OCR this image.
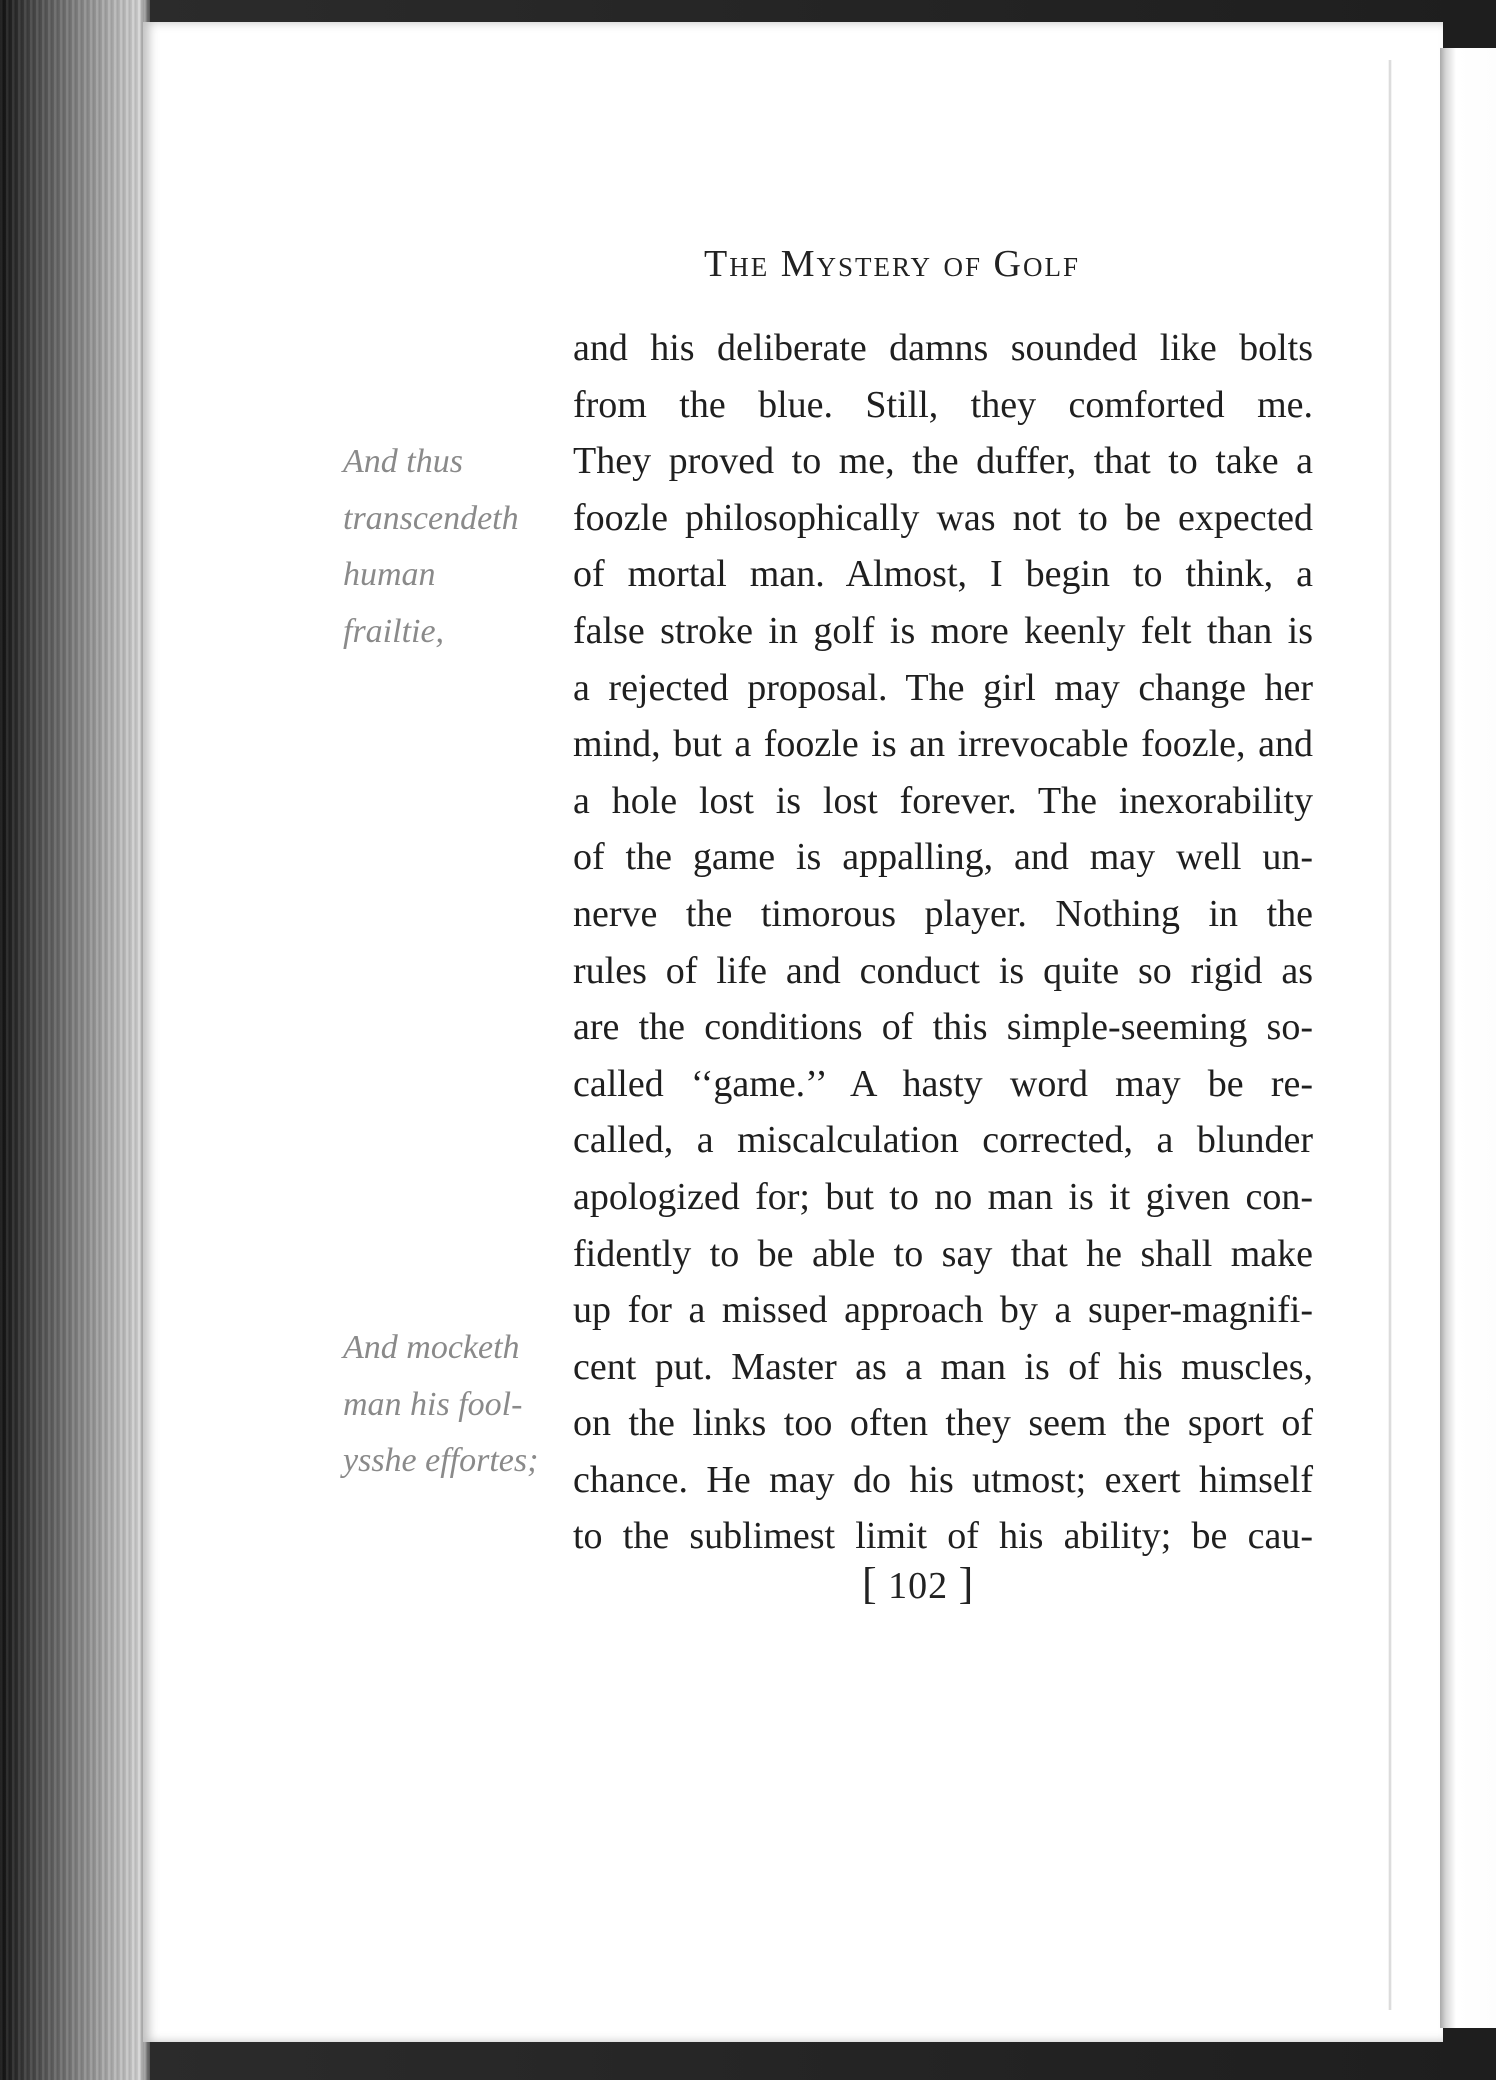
The Mystery of Golf
And thus
transcendeth
human
frailtie,
And mocketh
man his fool-
ysshe effortes;
and his deliberate damns sounded like bolts
from the blue. Still, they comforted me.
They proved to me, the duffer, that to take a
foozle philosophically was not to be expected
of mortal man. Almost, I begin to think, a
false stroke in golf is more keenly felt than is
a rejected proposal. The girl may change her
mind, but a foozle is an irrevocable foozle, and
a hole lost is lost forever. The inexorability
of the game is appalling, and may well un-
nerve the timorous player. Nothing in the
rules of life and conduct is quite so rigid as
are the conditions of this simple-seeming so-
called ‘‘game.’’ A hasty word may be re-
called, a miscalculation corrected, a blunder
apologized for; but to no man is it given con-
fidently to be able to say that he shall make
up for a missed approach by a super-magnifi-
cent put. Master as a man is of his muscles,
on the links too often they seem the sport of
chance. He may do his utmost; exert himself
to the sublimest limit of his ability; be cau-
[ 102 ]
